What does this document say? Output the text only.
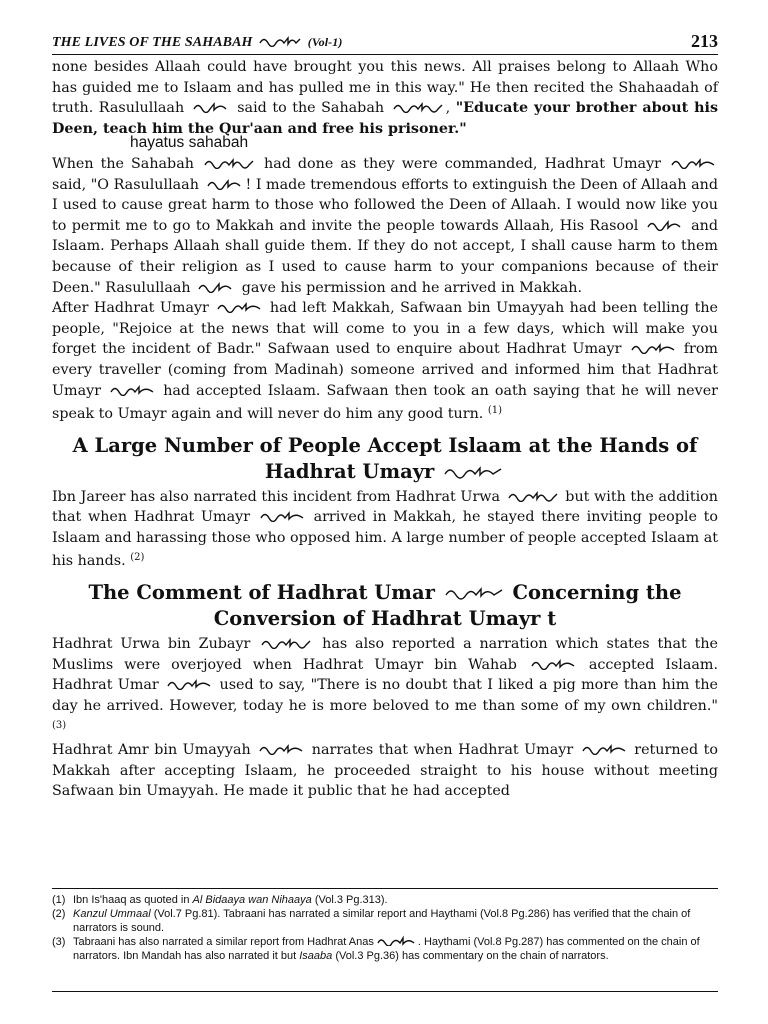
THE LIVES OF THE SAHABAH	(Vol-1)	213

none besides Allaah could have brought you this news. All praises belong to Allaah Who has guided me to Islaam and has pulled me in this way." He then recited the Shahaadah of truth. Rasulullaah	said to the Sahabah	, "Educate your brother about his Deen, teach him the Qur'aan and free his prisoner."

hayatus sahabah

When the Sahabah	had done as they were commanded, Hadhrat Umayr  said, "O Rasulullaah	! I made tremendous efforts to extinguish the Deen of Allaah and I used to cause great harm to those who followed the Deen of Allaah. I would now like you to permit me to go to Makkah and invite the people towards Allaah, His Rasool	and Islaam. Perhaps Allaah shall guide them. If they do not accept, I shall cause harm to them because of their religion as I used to cause harm to your companions because of their Deen." Rasulullaah	gave his permission and he arrived in Makkah.

After Hadhrat Umayr	had left Makkah, Safwaan bin Umayyah had been telling the people, "Rejoice at the news that will come to you in a few days, which will make you forget the incident of Badr." Safwaan used to enquire about Hadhrat Umayr	from every traveller (coming from Madinah) someone arrived and informed him that Hadhrat Umayr	had accepted Islaam. Safwaan then took an oath saying that he will never speak to Umayr again and will never do him any good turn. $^{(1)}$

A Large Number of People Accept Islaam at the Hands of Hadhrat Umayr

Ibn Jareer has also narrated this incident from Hadhrat Urwa	but with the addition that when Hadhrat Umayr	arrived in Makkah, he stayed there inviting people to Islaam and harassing those who opposed him. A large number of people accepted Islaam at his hands. $^{(2)}$

The Comment of Hadhrat Umar	Concerning the Conversion of Hadhrat Umayr t

Hadhrat Urwa bin Zubayr	has also reported a narration which states that the Muslims were overjoyed when Hadhrat Umayr bin Wahab	accepted Islaam. Hadhrat Umar	used to say, "There is no doubt that I liked a pig more than him the day he arrived. However, today he is more beloved to me than some of my own children." $^{(3)}$

Hadhrat Amr bin Umayyah	narrates that when Hadhrat Umayr	returned to Makkah after accepting Islaam, he proceeded straight to his house without meeting Safwaan bin Umayyah. He made it public that he had accepted

(1) Ibn Is'haaq as quoted in Al Bidaaya wan Nihaaya (Vol.3 Pg.313).
(2) Kanzul Ummaal (Vol.7 Pg.81). Tabraani has narrated a similar report and Haythami (Vol.8 Pg.286) has verified that the chain of narrators is sound.
(3) Tabraani has also narrated a similar report from Hadhrat Anas	. Haythami (Vol.8 Pg.287) has commented on the chain of narrators. Ibn Mandah has also narrated it but Isaaba (Vol.3 Pg.36) has commentary on the chain of narrators.
